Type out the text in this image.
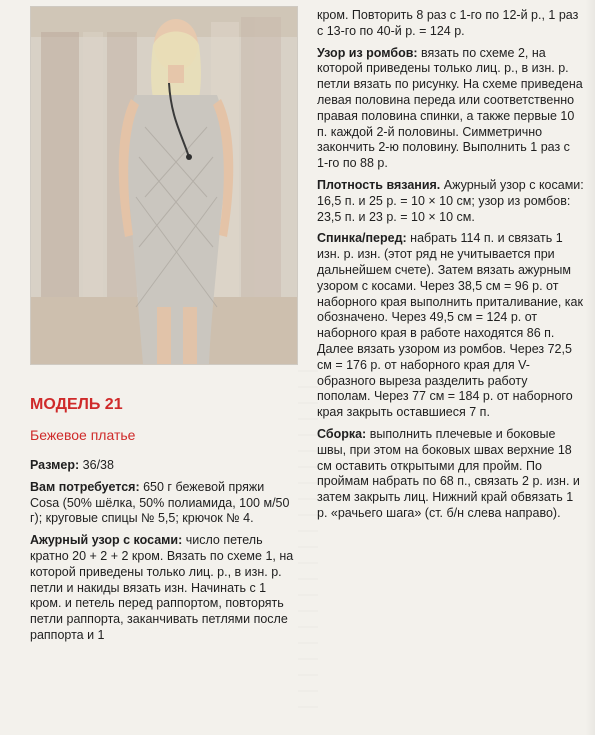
МОДЕЛЬ 21
Бежевое платье

Размер: 36/38

Вам потребуется: 650 г бежевой пряжи Cosa (50% шёлка, 50% полиамида, 100 м/50 г); круговые спицы № 5,5; крючок № 4.

Ажурный узор с косами: число петель кратно 20 + 2 + 2 кром. Вязать по схеме 1, на которой приведены только лиц. р., в изн. р. петли и накиды вязать изн. Начинать с 1 кром. и петель перед раппортом, повторять петли раппорта, заканчивать петлями после раппорта и 1

кром. Повторить 8 раз с 1-го по 12-й р., 1 раз с 13-го по 40-й р. = 124 р.

Узор из ромбов: вязать по схеме 2, на которой приведены только лиц. р., в изн. р. петли вязать по рисунку. На схеме приведена левая половина переда или соответственно правая половина спинки, а также первые 10 п. каждой 2-й половины. Симметрично закончить 2-ю половину. Выполнить 1 раз с 1-го по 88 р.

Плотность вязания. Ажурный узор с косами: 16,5 п. и 25 р. = 10 × 10 см; узор из ромбов: 23,5 п. и 23 р. = 10 × 10 см.

Спинка/перед: набрать 114 п. и связать 1 изн. р. изн. (этот ряд не учитывается при дальнейшем счете). Затем вязать ажурным узором с косами. Через 38,5 см = 96 р. от наборного края выполнить приталивание, как обозначено. Через 49,5 см = 124 р. от наборного края в работе находятся 86 п. Далее вязать узором из ромбов. Через 72,5 см = 176 р. от наборного края для V-образного выреза разделить работу пополам. Через 77 см = 184 р. от наборного края закрыть оставшиеся 7 п.

Сборка: выполнить плечевые и боковые швы, при этом на боковых швах верхние 18 см оставить открытыми для пройм. По проймам набрать по 68 п., связать 2 р. изн. и затем закрыть лиц. Нижний край обвязать 1 р. «рачьего шага» (ст. б/н слева направо).
